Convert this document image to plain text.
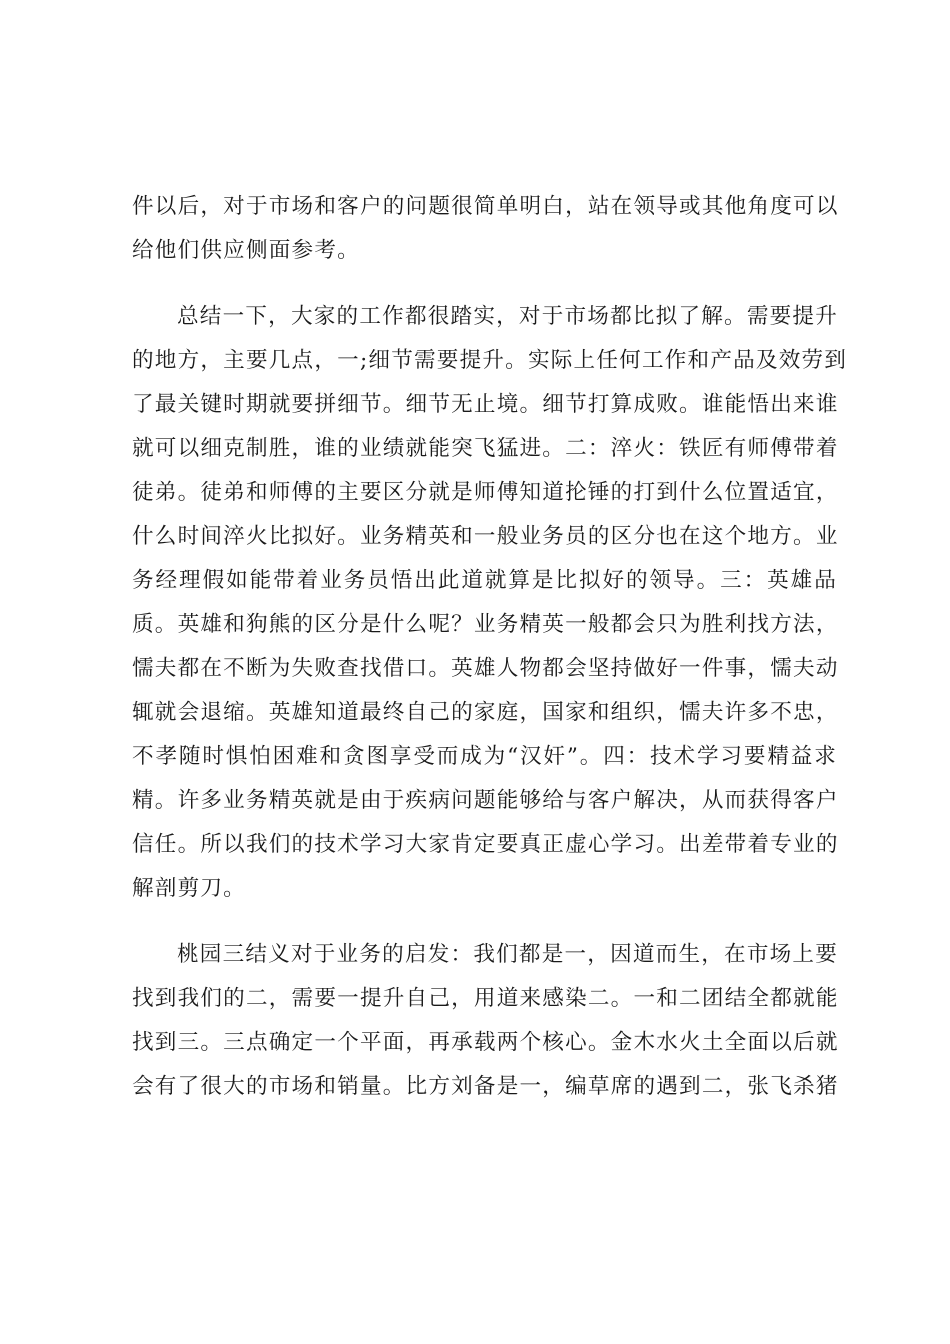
件以后，对于市场和客户的问题很简单明白，站在领导或其他角度可以
给他们供应侧面参考。
总结一下，大家的工作都很踏实，对于市场都比拟了解。需要提升
的地方，主要几点，一;细节需要提升。实际上任何工作和产品及效劳到
了最关键时期就要拼细节。细节无止境。细节打算成败。谁能悟出来谁
就可以细克制胜，谁的业绩就能突飞猛进。二：淬火：铁匠有师傅带着
徒弟。徒弟和师傅的主要区分就是师傅知道抡锤的打到什么位置适宜，
什么时间淬火比拟好。业务精英和一般业务员的区分也在这个地方。业
务经理假如能带着业务员悟出此道就算是比拟好的领导。三：英雄品
质。英雄和狗熊的区分是什么呢？业务精英一般都会只为胜利找方法，
懦夫都在不断为失败查找借口。英雄人物都会坚持做好一件事，懦夫动
辄就会退缩。英雄知道最终自己的家庭，国家和组织，懦夫许多不忠，
不孝随时惧怕困难和贪图享受而成为“汉奸”。四：技术学习要精益求
精。许多业务精英就是由于疾病问题能够给与客户解决，从而获得客户
信任。所以我们的技术学习大家肯定要真正虚心学习。出差带着专业的
解剖剪刀。
桃园三结义对于业务的启发：我们都是一，因道而生，在市场上要
找到我们的二，需要一提升自己，用道来感染二。一和二团结全都就能
找到三。三点确定一个平面，再承载两个核心。金木水火土全面以后就
会有了很大的市场和销量。比方刘备是一，编草席的遇到二，张飞杀猪
